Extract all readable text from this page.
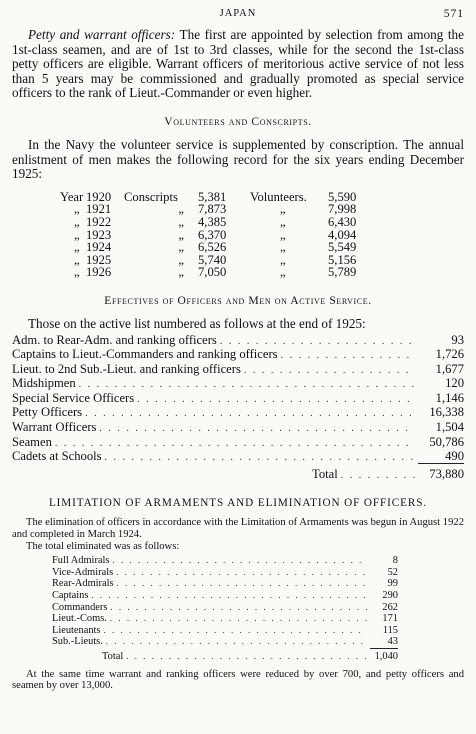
JAPAN	571

Petty and warrant officers: The first are appointed by selection from among the 1st-class seamen, and are of 1st to 3rd classes, while for the second the 1st-class petty officers are eligible. Warrant officers of meritorious active service of not less than 5 years may be commissioned and gradually promoted as special service officers to the rank of Lieut.-Commander or even higher.

Volunteers and Conscripts.

In the Navy the volunteer service is supplemented by conscription. The annual enlistment of men makes the following record for the six years ending December 1925:

Year 1920	Conscripts	5,381	Volunteers.	5,590
„ 1921	„	7,873	„	7,998
„ 1922	„	4,385	„	6,430
„ 1923	„	6,370	„	4,094
„ 1924	„	6,526	„	5,549
„ 1925	„	5,740	„	5,156
„ 1926	„	7,050	„	5,789
Effectives of Officers and Men on Active Service.

Those on the active list numbered as follows at the end of 1925:

Adm. to Rear-Adm. and ranking officers . . .	93
Captains to Lieut.-Commanders and ranking officers . . .	1,726
Lieut. to 2nd Sub.-Lieut. and ranking officers . . .	1,677
Midshipmen . . .	120
Special Service Officers . . .	1,146
Petty Officers . . .	16,338
Warrant Officers . . .	1,504
Seamen . . .	50,786
Cadets at Schools . . .	490
Total . . .	73,880
LIMITATION OF ARMAMENTS AND ELIMINATION OF OFFICERS.

The elimination of officers in accordance with the Limitation of Armaments was begun in August 1922 and completed in March 1924.

The total eliminated was as follows:

Full Admirals . . .	8
Vice-Admirals . . .	52
Rear-Admirals . . .	99
Captains . . .	290
Commanders . . .	262
Lieut.-Coms. . . .	171
Lieutenants . . .	115
Sub.-Lieuts. . . .	43
Total . . .	1,040

At the same time warrant and ranking officers were reduced by over 700, and petty officers and seamen by over 13,000.
